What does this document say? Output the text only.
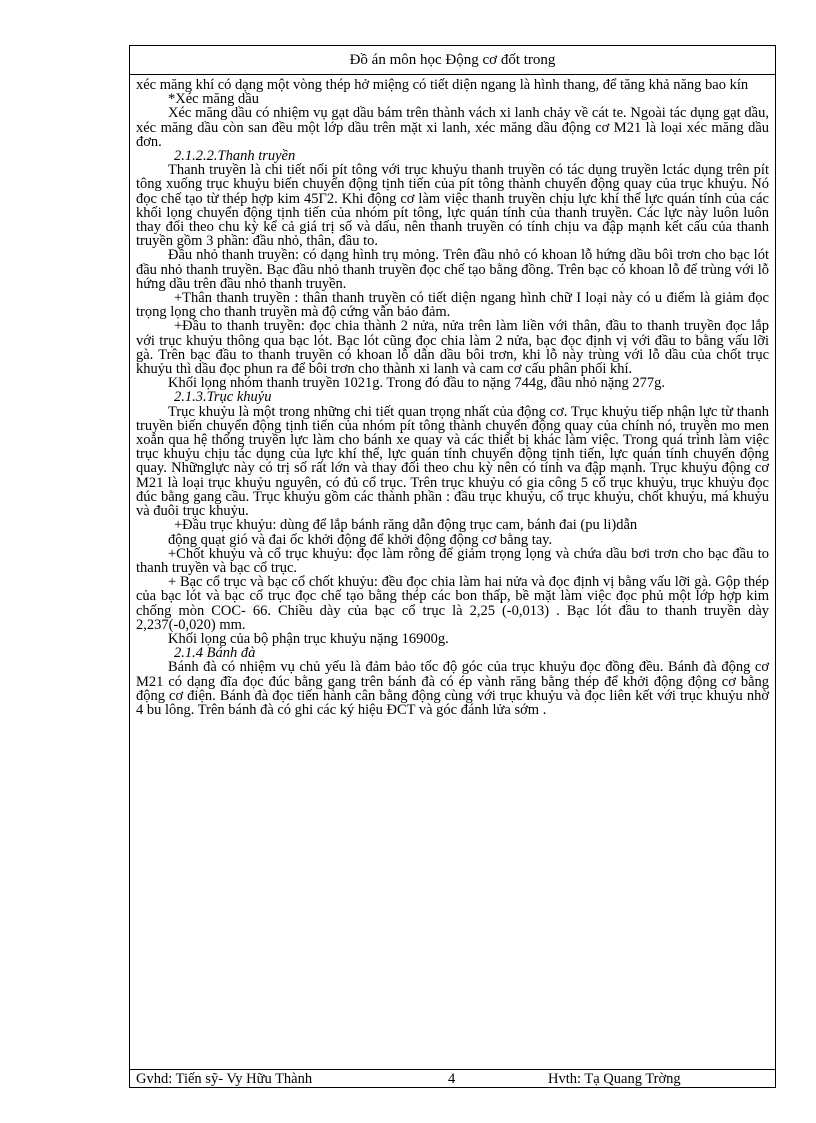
Đồ án môn học Động cơ đốt trong

xéc măng khí có dạng một vòng thép hở miệng có tiết diện ngang là hình thang, để tăng khả năng bao kín

*Xéc măng dầu

Xéc măng dầu có nhiệm vụ gạt dầu bám trên thành vách xi lanh chảy về cát te. Ngoài tác dụng gạt dầu, xéc măng dầu còn san đều một lớp dầu trên mặt xi lanh, xéc măng dầu động cơ M21 là loại xéc măng dầu đơn.

2.1.2.2.Thanh truyền

Thanh truyền là chi tiết nối pít tông với trục khuỷu thanh truyền có tác dụng truyền lctác dụng trên pít tông xuống trục khuỷu biến chuyển động tịnh tiến của pít tông thành chuyển động quay của trục khuỷu. Nó đọc chế tạo từ thép hợp kim 45Γ2. Khi động cơ làm việc thanh truyền chịu lực khí thể lực quán tính của các khối lọng chuyển động tịnh tiến của nhóm pít tông, lực quán tính của thanh truyền. Các lực này luôn luôn thay đổi theo chu kỳ kể cả giá trị số và dấu, nên thanh truyền có tính chịu va đập mạnh kết cấu của thanh truyền gồm 3 phần: đầu nhỏ, thân, đầu to.

Đầu nhỏ thanh truyền: có dạng hình trụ mỏng. Trên đầu nhỏ có khoan lỗ hứng dầu bôi trơn cho bạc lót đầu nhỏ thanh truyền. Bạc đầu nhỏ thanh truyền đọc chế tạo bằng đồng. Trên bạc có khoan lỗ để trùng với lỗ hứng dầu trên đầu nhỏ thanh truyền.

+Thân thanh truyền : thân thanh truyền có tiết diện ngang hình chữ I loại này có u điểm là giảm đọc trọng lọng cho thanh truyền mà độ cứng vẫn bảo đảm.

+Đầu to thanh truyền: đọc chia thành 2 nửa, nửa trên làm liền với thân, đầu to thanh truyền đọc lắp với trục khuỷu thông qua bạc lót. Bạc lót cũng đọc chia làm 2 nửa, bạc đọc định vị với đầu to bằng vấu lỡi gà. Trên bạc đầu to thanh truyền có khoan lỗ dẫn dầu bôi trơn, khi lỗ này trùng với lỗ dầu của chốt trục khuỷu thì dầu đọc phun ra để bôi trơn cho thành xi lanh và cam cơ cấu phân phối khí.

Khối lọng nhóm thanh truyền 1021g. Trong đó đầu to nặng 744g, đầu nhỏ nặng 277g.

2.1.3.Trục khuỷu

Trục khuỷu là một trong những chi tiết quan trọng nhất của động cơ. Trục khuỷu tiếp nhận lực từ thanh truyền biến chuyển động tịnh tiến của nhóm pít tông thành chuyển động quay của chính nó, truyền mo men xoắn qua hệ thống truyền lực làm cho bánh xe quay và các thiết bị khác làm việc. Trong quá trình làm việc trục khuỷu chịu tác dụng của lực khí thể, lực quán tính chuyển động tịnh tiến, lực quán tính chuyển động quay. Nhữnglực này có trị số rất lớn và thay đổi theo chu kỳ nên có tính va đập mạnh. Trục khuỷu động cơ M21 là loại trục khuỷu nguyên, có đủ cổ trục. Trên trục khuỷu có gia công 5 cổ trục khuỷu, trục khuỷu đọc đúc bằng gang cầu. Trục khuỷu gồm các thành phần : đầu trục khuỷu, cổ trục khuỷu, chốt khuỷu, má khuỷu và đuôi trục khuỷu.

+Đầu trục khuỷu: dùng để lắp bánh răng dẫn động trục cam, bánh đai (pu li)dẫn

động quạt gió và đai ốc khởi động để khởi động động cơ bằng tay.

+Chốt khuỷu và cổ trục khuỷu: đọc làm rỗng để giảm trọng lọng và chứa dầu bơi trơn cho bạc đầu to thanh truyền và bạc cổ trục.

+ Bạc cổ trục và bạc cổ chốt khuỷu: đều đọc chia làm hai nửa và đọc định vị bằng vấu lỡi gà. Gộp thép của bạc lót và bạc cổ trục đọc chế tạo bằng thép các bon thấp, bề mặt làm việc đọc phủ một lớp hợp kim chống mòn COC- 66. Chiều dày của bạc cổ trục là 2,25 (-0,013) . Bạc lót đầu to thanh truyền dày 2,237(-0,020) mm.

Khối lọng của bộ phận trục khuỷu nặng 16900g.

2.1.4 Bánh đà

Bánh đà có nhiệm vụ chủ yếu là đảm bảo tốc độ góc của trục khuỷu đọc đồng đều. Bánh đà động cơ M21 có dạng đĩa đọc đúc bằng gang trên bánh đà có ép vành răng bằng thép để khởi động động cơ bằng động cơ điện. Bánh đà đọc tiến hành cân bằng động cùng với trục khuỷu và đọc liên kết với trục khuỷu nhờ 4 bu lông. Trên bánh đà có ghi các ký hiệu ĐCT và góc đánh lửa sớm .

Gvhd: Tiến sỹ- Vy Hữu Thành	4	Hvth: Tạ Quang Trờng
